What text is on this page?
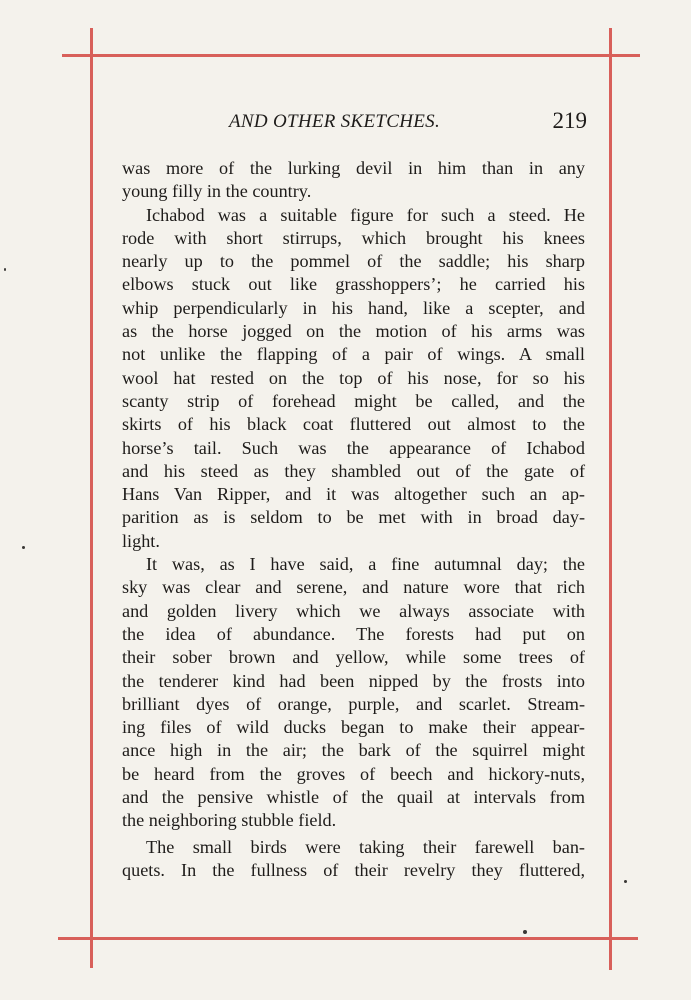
AND OTHER SKETCHES.	219
was more of the lurking devil in him than in any
young filly in the country.
Ichabod was a suitable figure for such a steed. He
rode with short stirrups, which brought his knees
nearly up to the pommel of the saddle; his sharp
elbows stuck out like grasshoppers’; he carried his
whip perpendicularly in his hand, like a scepter, and
as the horse jogged on the motion of his arms was
not unlike the flapping of a pair of wings. A small
wool hat rested on the top of his nose, for so his
scanty strip of forehead might be called, and the
skirts of his black coat fluttered out almost to the
horse’s tail. Such was the appearance of Ichabod
and his steed as they shambled out of the gate of
Hans Van Ripper, and it was altogether such an ap-
parition as is seldom to be met with in broad day-
light.
It was, as I have said, a fine autumnal day; the
sky was clear and serene, and nature wore that rich
and golden livery which we always associate with
the idea of abundance. The forests had put on
their sober brown and yellow, while some trees of
the tenderer kind had been nipped by the frosts into
brilliant dyes of orange, purple, and scarlet. Stream-
ing files of wild ducks began to make their appear-
ance high in the air; the bark of the squirrel might
be heard from the groves of beech and hickory-nuts,
and the pensive whistle of the quail at intervals from
the neighboring stubble field.
The small birds were taking their farewell ban-
quets. In the fullness of their revelry they fluttered,
